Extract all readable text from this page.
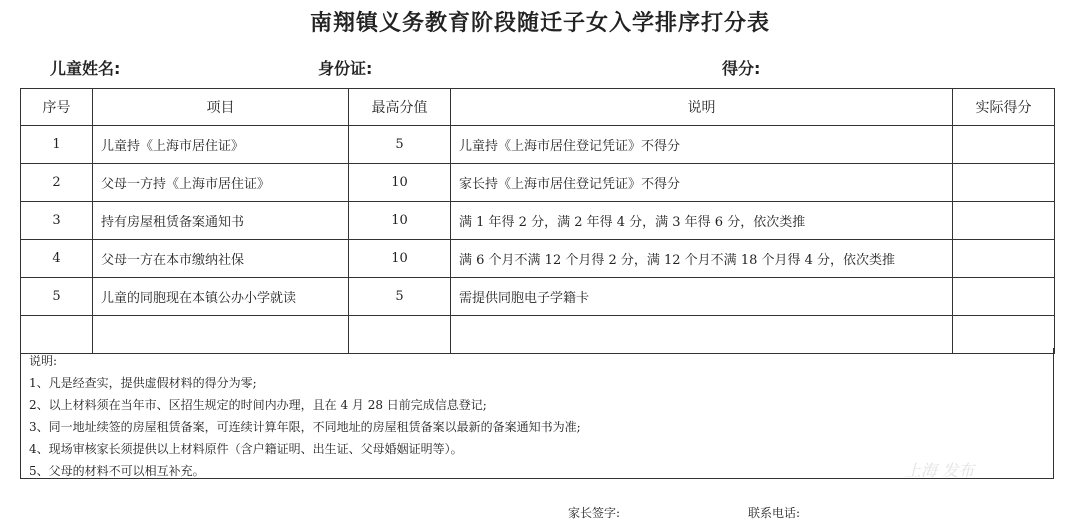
南翔镇义务教育阶段随迁子女入学排序打分表
儿童姓名:	身份证:	得分:
序号	项目	最高分值	说明	实际得分
1	儿童持《上海市居住证》	5	儿童持《上海市居住登记凭证》不得分	
2	父母一方持《上海市居住证》	10	家长持《上海市居住登记凭证》不得分	
3	持有房屋租赁备案通知书	10	满 1 年得 2 分，满 2 年得 4 分，满 3 年得 6 分，依次类推	
4	父母一方在本市缴纳社保	10	满 6 个月不满 12 个月得 2 分，满 12 个月不满 18 个月得 4 分，依次类推	
5	儿童的同胞现在本镇公办小学就读	5	需提供同胞电子学籍卡	

说明:
1、凡是经查实，提供虚假材料的得分为零;
2、以上材料须在当年市、区招生规定的时间内办理，且在 4 月 28 日前完成信息登记;
3、同一地址续签的房屋租赁备案，可连续计算年限，不同地址的房屋租赁备案以最新的备案通知书为准;
4、现场审核家长须提供以上材料原件（含户籍证明、出生证、父母婚姻证明等）。
5、父母的材料不可以相互补充。	上海 发布
家长签字:	联系电话:
